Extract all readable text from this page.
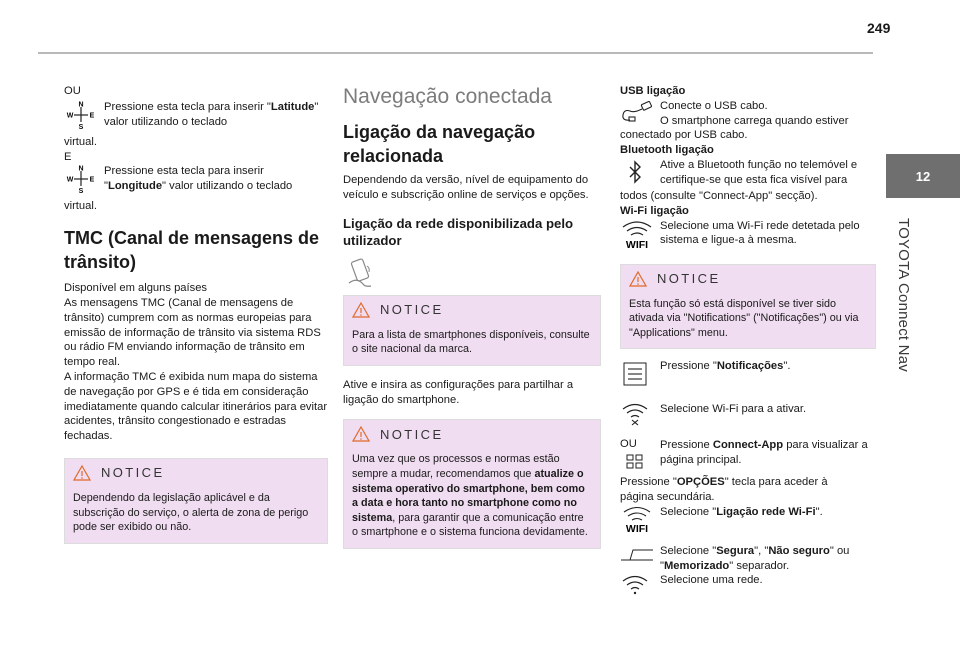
249
12
TOYOTA Connect Nav

OU

N
S
W E
Pressione esta tecla para inserir "Latitude" valor utilizando o teclado

virtual.

E

N
S
W E
Pressione esta tecla para inserir "Longitude" valor utilizando o teclado

virtual.

TMC (Canal de mensagens de trânsito)

Disponível em alguns países

As mensagens TMC (Canal de mensagens de trânsito) cumprem com as normas europeias para emissão de informação de trânsito via sistema RDS ou rádio FM enviando informação de trânsito em tempo real.

A informação TMC é exibida num mapa do sistema de navegação por GPS e é tida em consideração imediatamente quando calcular itinerários para evitar acidentes, trânsito congestionado e estradas fechadas.

NOTICE

Dependendo da legislação aplicável e da subscrição do serviço, o alerta de zona de perigo pode ser exibido ou não.

Navegação conectada
Ligação da navegação relacionada

Dependendo da versão, nível de equipamento do veículo e subscrição online de serviços e opções.

Ligação da rede disponibilizada pelo utilizador
NOTICE

Para a lista de smartphones disponíveis, consulte o site nacional da marca.

Ative e insira as configurações para partilhar a ligação do smartphone.

NOTICE

Uma vez que os processos e normas estão sempre a mudar, recomendamos que atualize o sistema operativo do smartphone, bem como a data e hora tanto no smartphone como no sistema, para garantir que a comunicação entre o smartphone e o sistema funciona devidamente.

USB ligação

Conecte o USB cabo.
O smartphone carrega quando estiver

conectado por USB cabo.

Bluetooth ligação

Ative a Bluetooth função no telemóvel e certifique-se que esta fica visível para

todos (consulte "Connect-App" secção).

Wi-Fi ligação

WIFI
Selecione uma Wi-Fi rede detetada pelo sistema e ligue-a à mesma.
NOTICE

Esta função só está disponível se tiver sido ativada via "Notifications" ("Notificações") ou via "Applications" menu.

Pressione "Notificações".
Selecione Wi-Fi para a ativar.

OU	Pressione Connect-App para visualizar a página principal.

Pressione "OPÇÕES" tecla para aceder à

página secundária.

WIFI
Selecione "Ligação rede Wi-Fi".
Selecione "Segura", "Não seguro" ou "Memorizado" separador.
Selecione uma rede.
